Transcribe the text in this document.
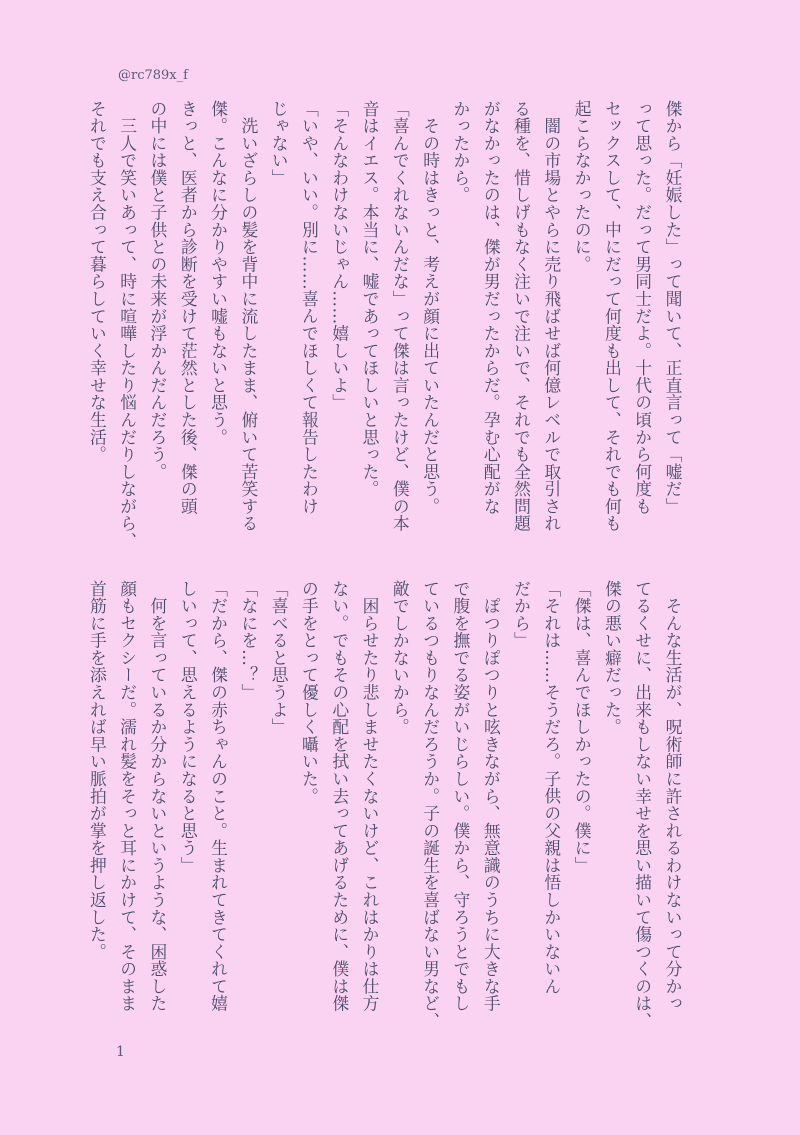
@rc789x_f
傑から「妊娠した」って聞いて、正直言って「嘘だ」
って思った。だって男同士だよ。十代の頃から何度も
セックスして、中にだって何度も出して、それでも何も
起こらなかったのに。
　闇の市場とやらに売り飛ばせば何億レベルで取引され
る種を、惜しげもなく注いで注いで、それでも全然問題
がなかったのは、傑が男だったからだ。孕む心配がな
かったから。
　その時はきっと、考えが顔に出ていたんだと思う。
「喜んでくれないんだな」って傑は言ったけど、僕の本
音はイエス。本当に、嘘であってほしいと思った。
「そんなわけないじゃん……嬉しいよ」
「いや、いい。別に……喜んでほしくて報告したわけ
じゃない」
　洗いざらしの髪を背中に流したまま、俯いて苦笑する
傑。こんなに分かりやすい嘘もないと思う。
きっと、医者から診断を受けて茫然とした後、傑の頭
の中には僕と子供との未来が浮かんだんだろう。
　三人で笑いあって、時に喧嘩したり悩んだりしながら、
それでも支え合って暮らしていく幸せな生活。
　そんな生活が、呪術師に許されるわけないって分かっ
てるくせに、出来もしない幸せを思い描いて傷つくのは、
傑の悪い癖だった。
「傑は、喜んでほしかったの。僕に」
「それは……そうだろ。子供の父親は悟しかいないん
だから」
　ぽつりぽつりと呟きながら、無意識のうちに大きな手
で腹を撫でる姿がいじらしい。僕から、守ろうとでもし
ているつもりなんだろうか。子の誕生を喜ばない男など、
敵でしかないから。
　困らせたり悲しませたくないけど、これはかりは仕方
ない。でもその心配を拭い去ってあげるために、僕は傑
の手をとって優しく囁いた。
「喜べると思うよ」
「なにを…？」
「だから、傑の赤ちゃんのこと。生まれてきてくれて嬉
しいって、思えるようになると思う」
　何を言っているか分からないというような、困惑した
顔もセクシーだ。濡れ髪をそっと耳にかけて、そのまま
首筋に手を添えれば早い脈拍が掌を押し返した。
1
